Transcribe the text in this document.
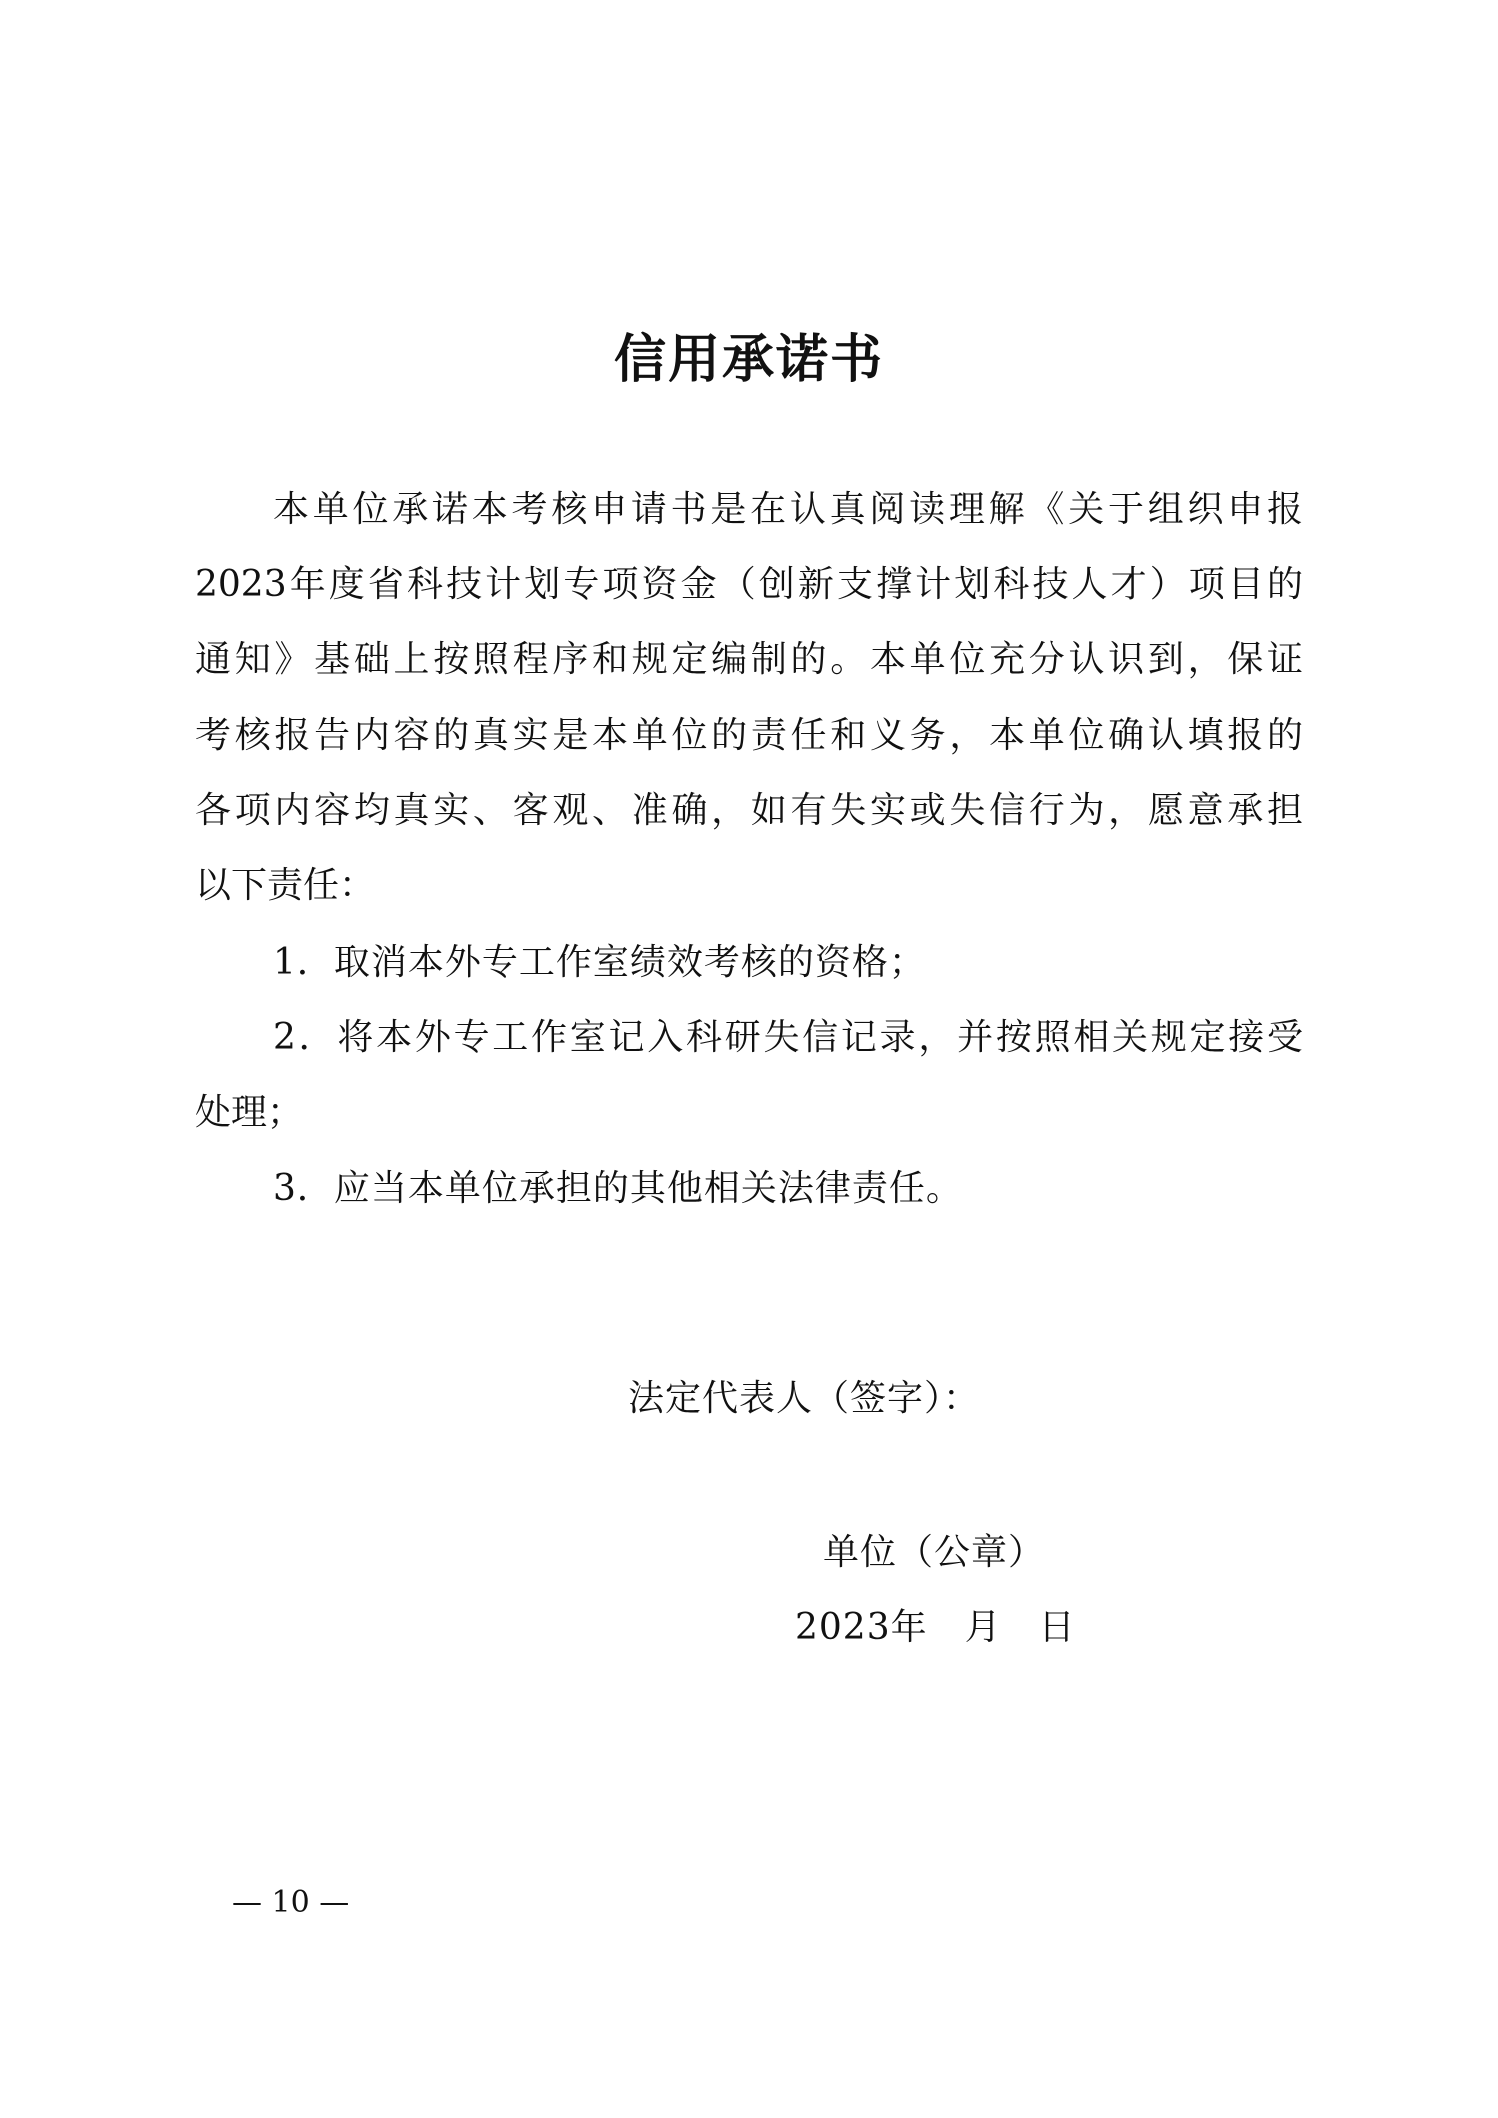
信用承诺书
本单位承诺本考核申请书是在认真阅读理解《关于组织申报
2023年度省科技计划专项资金（创新支撑计划科技人才）项目的
通知》基础上按照程序和规定编制的。本单位充分认识到，保证
考核报告内容的真实是本单位的责任和义务，本单位确认填报的
各项内容均真实、客观、准确，如有失实或失信行为，愿意承担
以下责任：
1．取消本外专工作室绩效考核的资格；
2．将本外专工作室记入科研失信记录，并按照相关规定接受
处理；
3．应当本单位承担的其他相关法律责任。
法定代表人（签字）：
单位（公章）
2023年　月　日
— 10 —
